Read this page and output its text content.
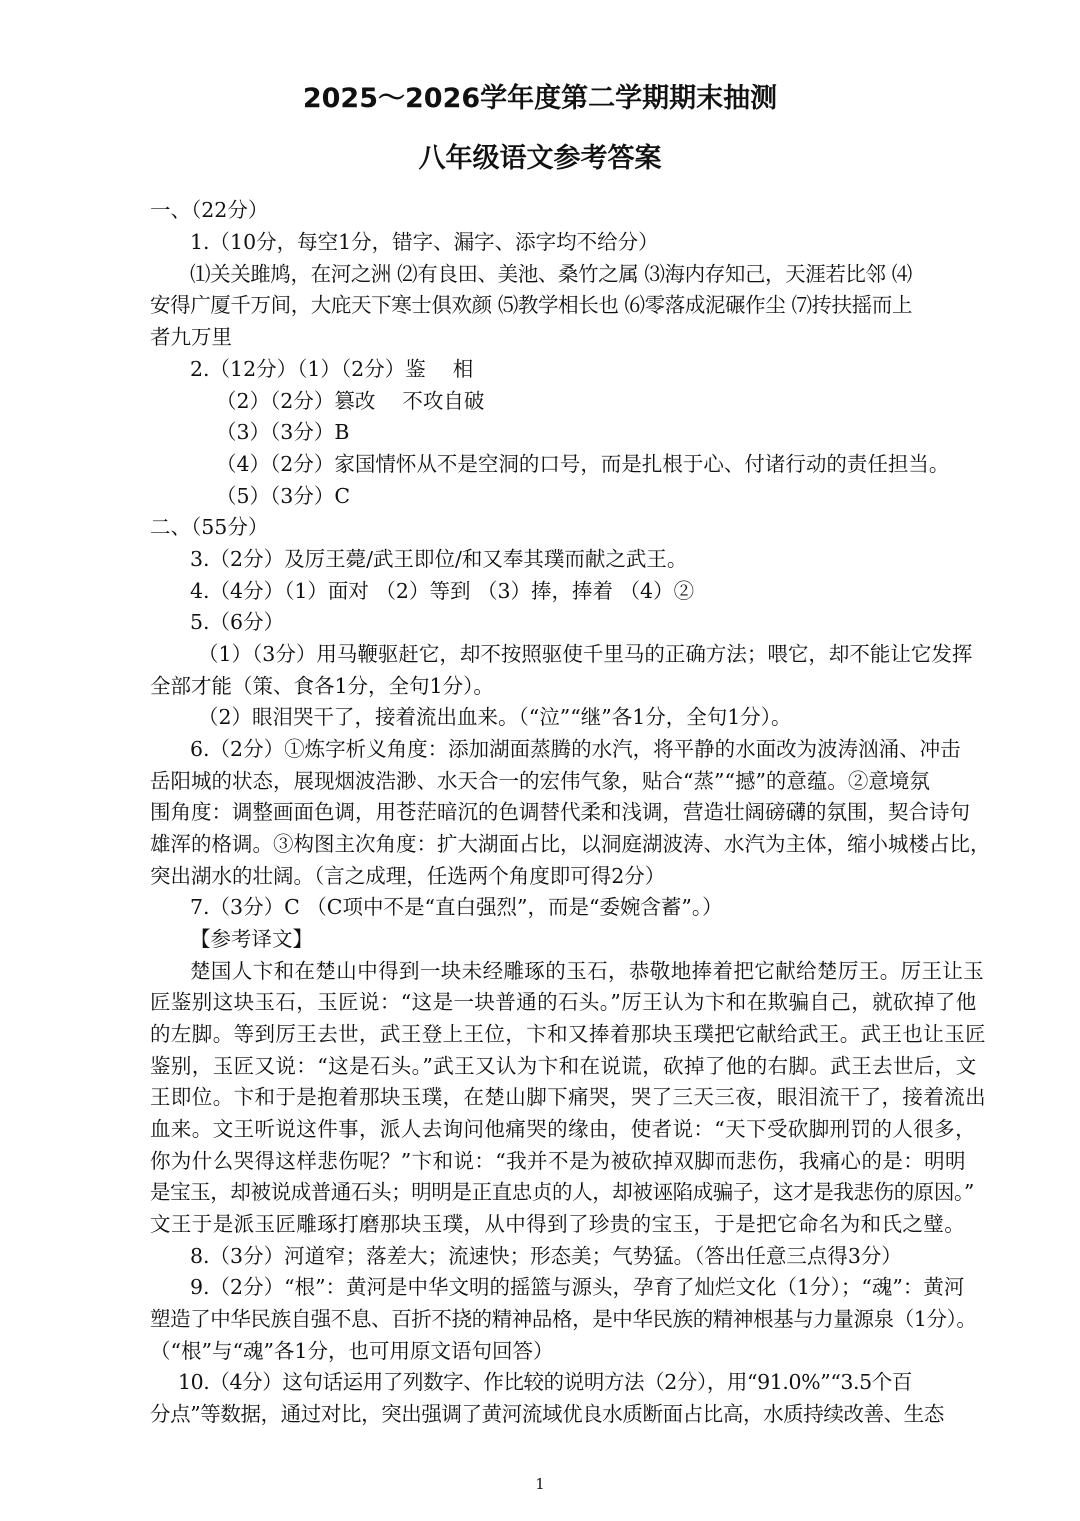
2025～2026学年度第二学期期末抽测
八年级语文参考答案
一、（22分）
1.（10分，每空1分，错字、漏字、添字均不给分）
⑴关关雎鸠，在河之洲 ⑵有良田、美池、桑竹之属 ⑶海内存知己，天涯若比邻 ⑷
安得广厦千万间，大庇天下寒士俱欢颜 ⑸教学相长也 ⑹零落成泥碾作尘 ⑺抟扶摇而上
者九万里
2.（12分）（1）（2分）鉴　 相
（2）（2分）篡改　 不攻自破
（3）（3分）B
（4）（2分）家国情怀从不是空洞的口号，而是扎根于心、付诸行动的责任担当。
（5）（3分）C
二、（55分）
3.（2分）及厉王薨/武王即位/和又奉其璞而献之武王。
4.（4分）（1）面对 （2）等到 （3）捧，捧着 （4）②
5.（6分）
（1）（3分）用马鞭驱赶它，却不按照驱使千里马的正确方法；喂它，却不能让它发挥
全部才能（策、食各1分，全句1分）。
（2）眼泪哭干了，接着流出血来。（“泣”“继”各1分，全句1分）。
6.（2分）①炼字析义角度：添加湖面蒸腾的水汽，将平静的水面改为波涛汹涌、冲击
岳阳城的状态，展现烟波浩渺、水天合一的宏伟气象，贴合“蒸”“撼”的意蕴。②意境氛
围角度：调整画面色调，用苍茫暗沉的色调替代柔和浅调，营造壮阔磅礴的氛围，契合诗句
雄浑的格调。③构图主次角度：扩大湖面占比，以洞庭湖波涛、水汽为主体，缩小城楼占比，
突出湖水的壮阔。（言之成理，任选两个角度即可得2分）
7.（3分）C （C项中不是“直白强烈”，而是“委婉含蓄”。）
【参考译文】
楚国人卞和在楚山中得到一块未经雕琢的玉石，恭敬地捧着把它献给楚厉王。厉王让玉
匠鉴别这块玉石，玉匠说：“这是一块普通的石头。”厉王认为卞和在欺骗自己，就砍掉了他
的左脚。等到厉王去世，武王登上王位，卞和又捧着那块玉璞把它献给武王。武王也让玉匠
鉴别，玉匠又说：“这是石头。”武王又认为卞和在说谎，砍掉了他的右脚。武王去世后，文
王即位。卞和于是抱着那块玉璞，在楚山脚下痛哭，哭了三天三夜，眼泪流干了，接着流出
血来。文王听说这件事，派人去询问他痛哭的缘由，使者说：“天下受砍脚刑罚的人很多，
你为什么哭得这样悲伤呢？”卞和说：“我并不是为被砍掉双脚而悲伤，我痛心的是：明明
是宝玉，却被说成普通石头；明明是正直忠贞的人，却被诬陷成骗子，这才是我悲伤的原因。”
文王于是派玉匠雕琢打磨那块玉璞，从中得到了珍贵的宝玉，于是把它命名为和氏之璧。
8.（3分）河道窄；落差大；流速快；形态美；气势猛。（答出任意三点得3分）
9.（2分）“根”：黄河是中华文明的摇篮与源头，孕育了灿烂文化（1分）；“魂”：黄河
塑造了中华民族自强不息、百折不挠的精神品格，是中华民族的精神根基与力量源泉（1分）。
（“根”与“魂”各1分，也可用原文语句回答）
10.（4分）这句话运用了列数字、作比较的说明方法（2分），用“91.0%”“3.5个百
分点”等数据，通过对比，突出强调了黄河流域优良水质断面占比高，水质持续改善、生态
1
